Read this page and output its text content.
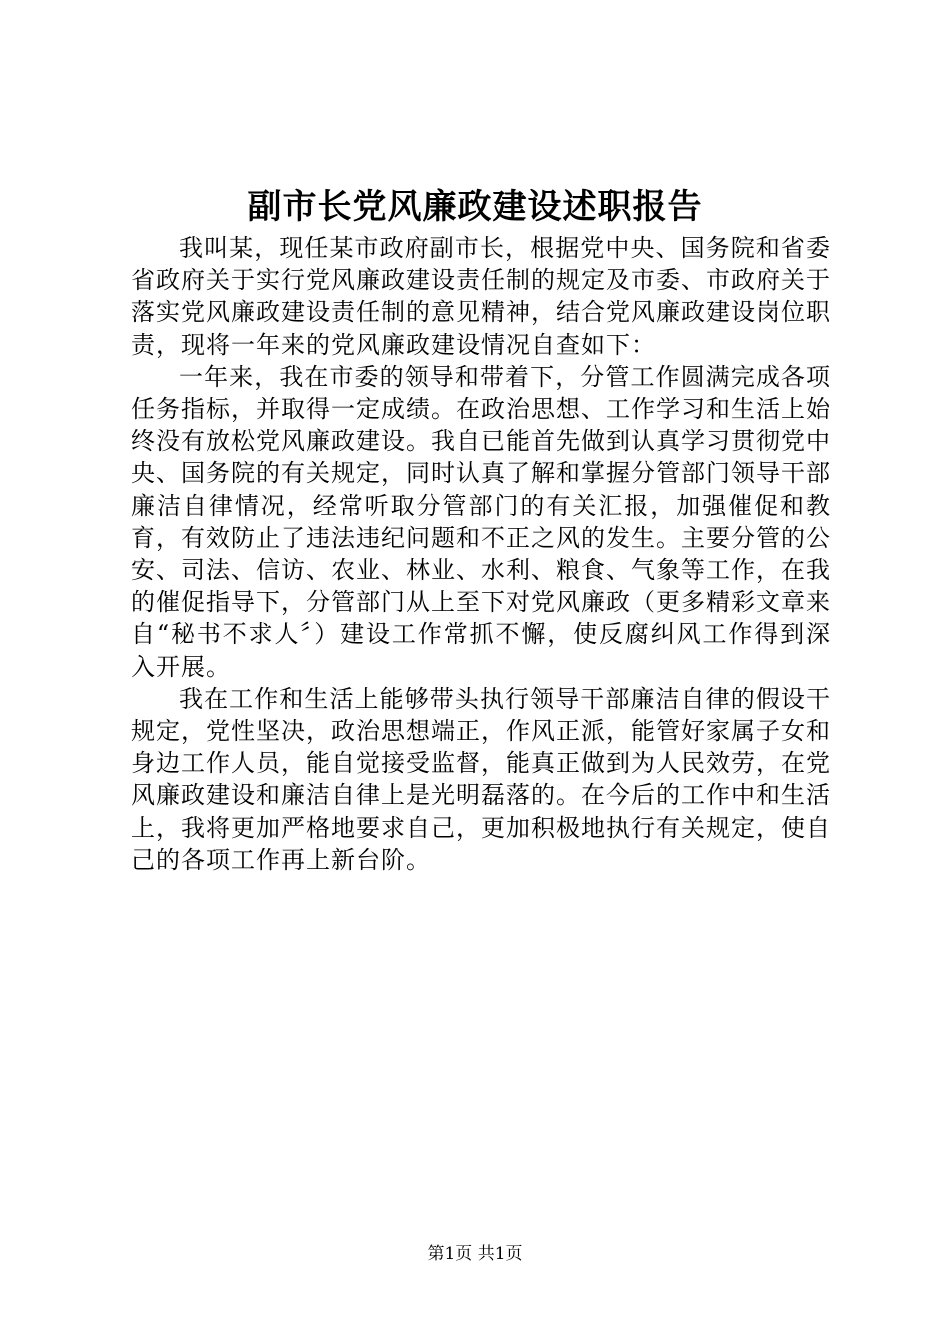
副市长党风廉政建设述职报告

我叫某，现任某市政府副市长，根据党中央、国务院和省委省政府关于实行党风廉政建设责任制的规定及市委、市政府关于落实党风廉政建设责任制的意见精神，结合党风廉政建设岗位职责，现将一年来的党风廉政建设情况自查如下：

一年来，我在市委的领导和带着下，分管工作圆满完成各项任务指标，并取得一定成绩。在政治思想、工作学习和生活上始终没有放松党风廉政建设。我自已能首先做到认真学习贯彻党中央、国务院的有关规定，同时认真了解和掌握分管部门领导干部廉洁自律情况，经常听取分管部门的有关汇报，加强催促和教育，有效防止了违法违纪问题和不正之风的发生。主要分管的公安、司法、信访、农业、林业、水利、粮食、气象等工作，在我的催促指导下，分管部门从上至下对党风廉政（更多精彩文章来自“秘书不求人〞）建设工作常抓不懈，使反腐纠风工作得到深入开展。

我在工作和生活上能够带头执行领导干部廉洁自律的假设干规定，党性坚决，政治思想端正，作风正派，能管好家属子女和身边工作人员，能自觉接受监督，能真正做到为人民效劳，在党风廉政建设和廉洁自律上是光明磊落的。在今后的工作中和生活上，我将更加严格地要求自己，更加积极地执行有关规定，使自己的各项工作再上新台阶。

第1页 共1页
